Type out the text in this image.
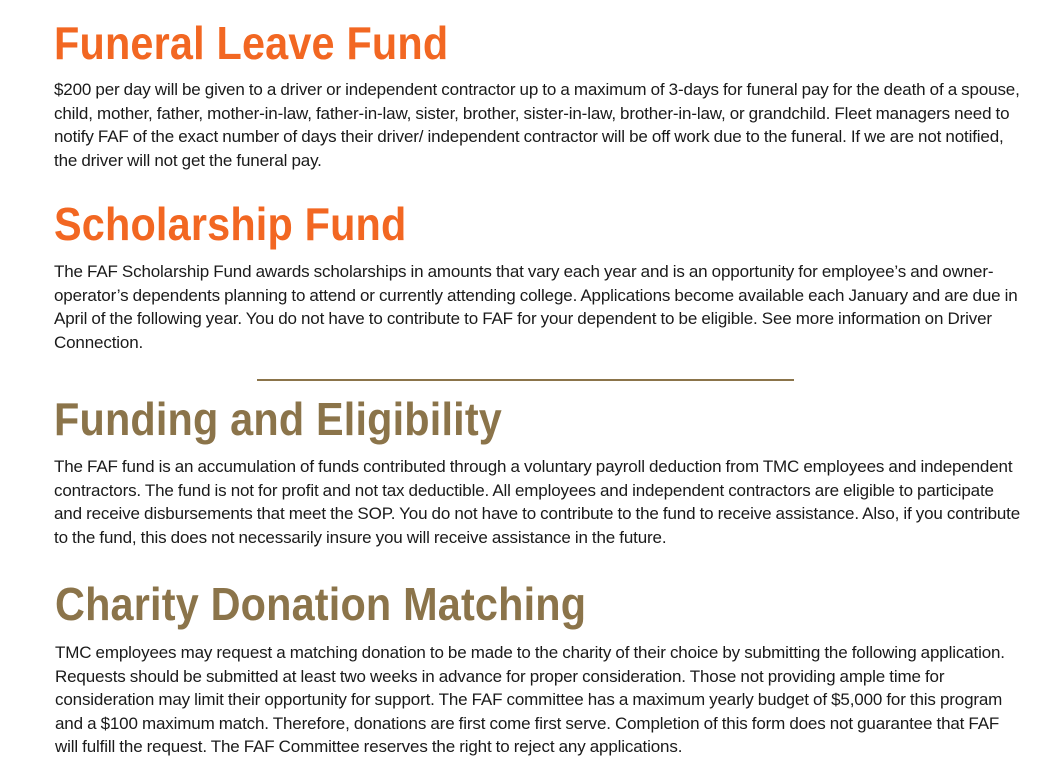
Funeral Leave Fund

$200 per day will be given to a driver or independent contractor up to a maximum of 3-days for funeral pay for the death of a spouse, child, mother, father, mother-in-law, father-in-law, sister, brother, sister-in-law, brother-in-law, or grandchild. Fleet managers need to notify FAF of the exact number of days their driver/ independent contractor will be off work due to the funeral. If we are not notified, the driver will not get the funeral pay.

Scholarship Fund

The FAF Scholarship Fund awards scholarships in amounts that vary each year and is an opportunity for employee’s and owner-operator’s dependents planning to attend or currently attending college. Applications become available each January and are due in April of the following year. You do not have to contribute to FAF for your dependent to be eligible. See more information on Driver Connection.

Funding and Eligibility

The FAF fund is an accumulation of funds contributed through a voluntary payroll deduction from TMC employees and independent contractors. The fund is not for profit and not tax deductible. All employees and independent contractors are eligible to participate and receive disbursements that meet the SOP. You do not have to contribute to the fund to receive assistance. Also, if you contribute to the fund, this does not necessarily insure you will receive assistance in the future.

Charity Donation Matching

TMC employees may request a matching donation to be made to the charity of their choice by submitting the following application. Requests should be submitted at least two weeks in advance for proper consideration. Those not providing ample time for consideration may limit their opportunity for support. The FAF committee has a maximum yearly budget of $5,000 for this program and a $100 maximum match. Therefore, donations are first come first serve. Completion of this form does not guarantee that FAF will fulfill the request. The FAF Committee reserves the right to reject any applications.
